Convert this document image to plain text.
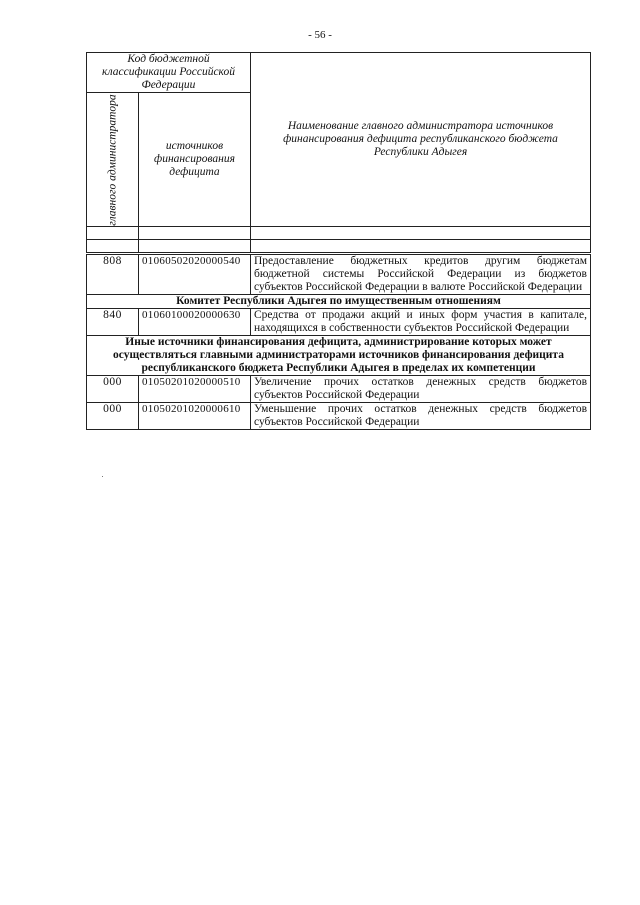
- 56 -
Код бюджетной классификации Российской Федерации		Наименование главного администратора источников финансирования дефицита республиканского бюджета Республики Адыгея

главного администратора	источников финансирования дефицита	

808	01060502020000540	Предоставление бюджетных кредитов другим бюджетам бюджетной системы Российской Федерации из бюджетов субъектов Российской Федерации в валюте Российской Федерации
Комитет Республики Адыгея по имущественным отношениям		
840	01060100020000630	Средства от продажи акций и иных форм участия в капитале, находящихся в собственности субъектов Российской Федерации
Иные источники финансирования дефицита, администрирование которых может осуществляться главными администраторами источников финансирования дефицита республиканского бюджета Республики Адыгея в пределах их компетенции		
000	01050201020000510	Увеличение прочих остатков денежных средств бюджетов субъектов Российской Федерации
000	01050201020000610	Уменьшение прочих остатков денежных средств бюджетов субъектов Российской Федерации
